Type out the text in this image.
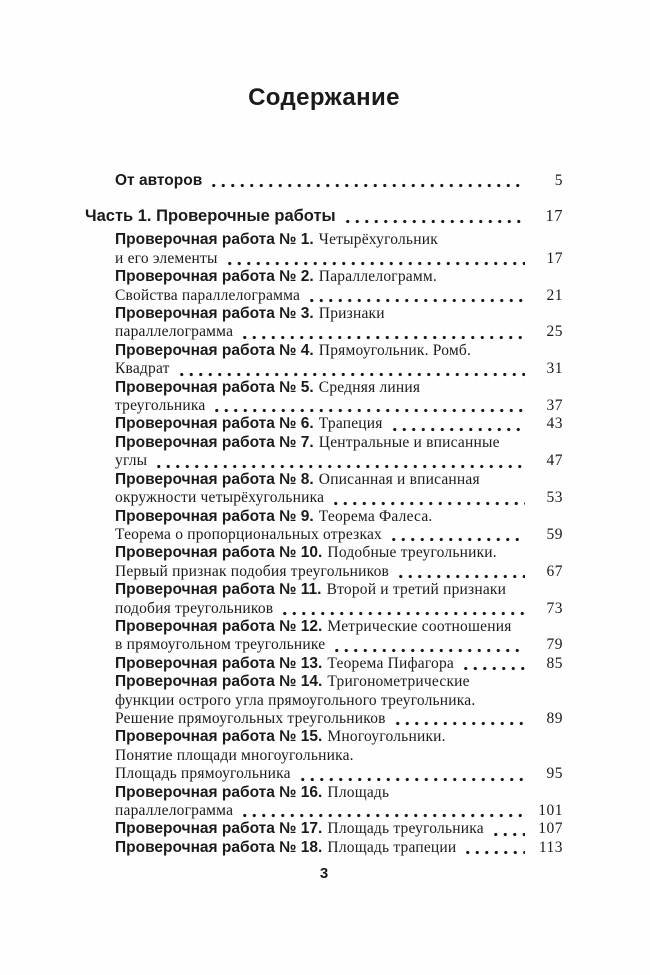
Содержание
От авторов	5
Часть 1. Проверочные работы	17
Проверочная работа № 1. Четырёхугольник
и его элементы	17
Проверочная работа № 2. Параллелограмм.
Свойства параллелограмма	21
Проверочная работа № 3. Признаки
параллелограмма	25
Проверочная работа № 4. Прямоугольник. Ромб.
Квадрат	31
Проверочная работа № 5. Средняя линия
треугольника	37
Проверочная работа № 6. Трапеция	43
Проверочная работа № 7. Центральные и вписанные
углы	47
Проверочная работа № 8. Описанная и вписанная
окружности четырёхугольника	53
Проверочная работа № 9. Теорема Фалеса.
Теорема о пропорциональных отрезках	59
Проверочная работа № 10. Подобные треугольники.
Первый признак подобия треугольников	67
Проверочная работа № 11. Второй и третий признаки
подобия треугольников	73
Проверочная работа № 12. Метрические соотношения
в прямоугольном треугольнике	79
Проверочная работа № 13. Теорема Пифагора	85
Проверочная работа № 14. Тригонометрические
функции острого угла прямоугольного треугольника.
Решение прямоугольных треугольников	89
Проверочная работа № 15. Многоугольники.
Понятие площади многоугольника.
Площадь прямоугольника	95
Проверочная работа № 16. Площадь
параллелограмма	101
Проверочная работа № 17. Площадь треугольника	107
Проверочная работа № 18. Площадь трапеции	113
3
